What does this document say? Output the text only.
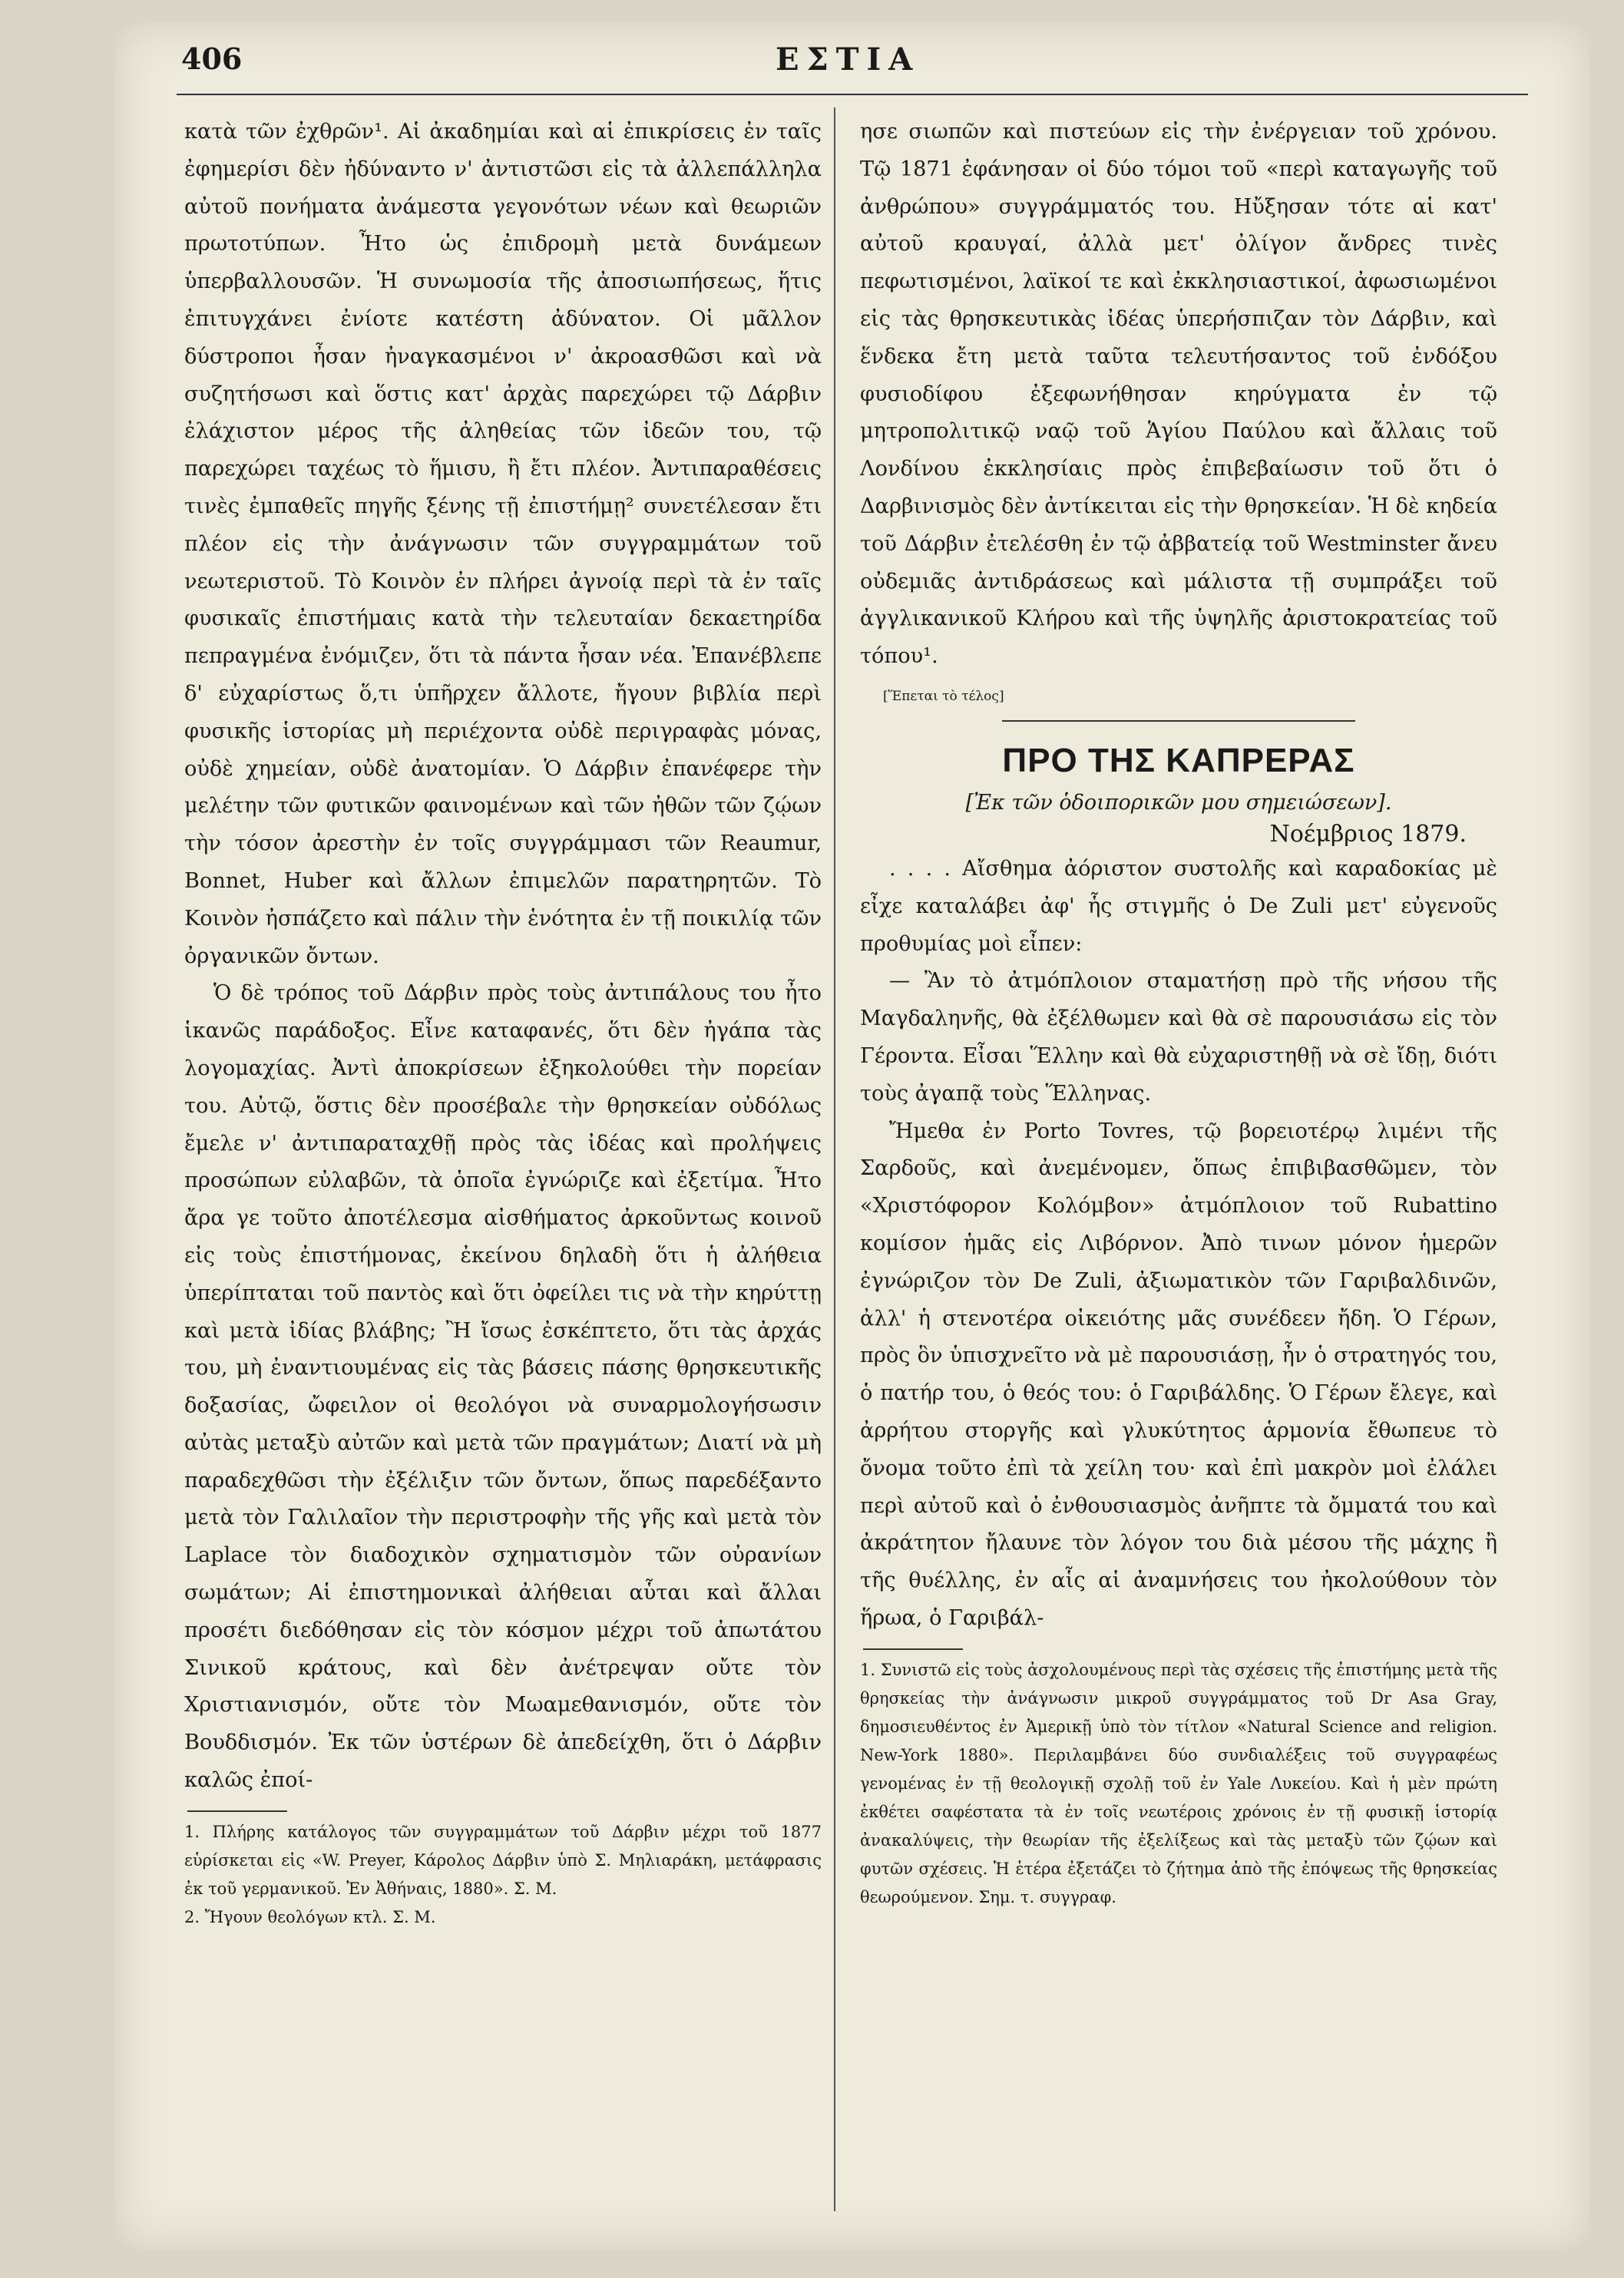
406	ΕΣΤΙΑ

κατὰ τῶν ἐχθρῶν¹. Αἱ ἀκαδημίαι καὶ αἱ ἐπικρίσεις ἐν ταῖς ἐφημερίσι δὲν ἠδύναντο ν' ἀντιστῶσι εἰς τὰ ἀλλεπάλληλα αὐτοῦ πονήματα ἀνάμεστα γεγονότων νέων καὶ θεωριῶν πρωτοτύπων. Ἦτο ὡς ἐπιδρομὴ μετὰ δυνάμεων ὑπερβαλλουσῶν. Ἡ συνωμοσία τῆς ἀποσιωπήσεως, ἥτις ἐπιτυγχάνει ἐνίοτε κατέστη ἀδύνατον. Οἱ μᾶλλον δύστροποι ἦσαν ἠναγκασμένοι ν' ἀκροασθῶσι καὶ νὰ συζητήσωσι καὶ ὅστις κατ' ἀρχὰς παρεχώρει τῷ Δάρβιν ἐλάχιστον μέρος τῆς ἀληθείας τῶν ἰδεῶν του, τῷ παρεχώρει ταχέως τὸ ἥμισυ, ἢ ἔτι πλέον. Ἀντιπαραθέσεις τινὲς ἐμπαθεῖς πηγῆς ξένης τῇ ἐπιστήμῃ² συνετέλεσαν ἔτι πλέον εἰς τὴν ἀνάγνωσιν τῶν συγγραμμάτων τοῦ νεωτεριστοῦ. Τὸ Κοινὸν ἐν πλήρει ἀγνοίᾳ περὶ τὰ ἐν ταῖς φυσικαῖς ἐπιστήμαις κατὰ τὴν τελευταίαν δεκαετηρίδα πεπραγμένα ἐνόμιζεν, ὅτι τὰ πάντα ἦσαν νέα. Ἐπανέβλεπε δ' εὐχαρίστως ὅ,τι ὑπῆρχεν ἄλλοτε, ἤγουν βιβλία περὶ φυσικῆς ἱστορίας μὴ περιέχοντα οὐδὲ περιγραφὰς μόνας, οὐδὲ χημείαν, οὐδὲ ἀνατομίαν. Ὁ Δάρβιν ἐπανέφερε τὴν μελέτην τῶν φυτικῶν φαινομένων καὶ τῶν ἠθῶν τῶν ζῴων τὴν τόσον ἀρεστὴν ἐν τοῖς συγγράμμασι τῶν Reaumur, Bonnet, Huber καὶ ἄλλων ἐπιμελῶν παρατηρητῶν. Τὸ Κοινὸν ἠσπάζετο καὶ πάλιν τὴν ἑνότητα ἐν τῇ ποικιλίᾳ τῶν ὀργανικῶν ὄντων.

Ὁ δὲ τρόπος τοῦ Δάρβιν πρὸς τοὺς ἀντιπάλους του ἦτο ἱκανῶς παράδοξος. Εἶνε καταφανές, ὅτι δὲν ἠγάπα τὰς λογομαχίας. Ἀντὶ ἀποκρίσεων ἐξηκολούθει τὴν πορείαν του. Αὐτῷ, ὅστις δὲν προσέβαλε τὴν θρησκείαν οὐδόλως ἔμελε ν' ἀντιπαραταχθῇ πρὸς τὰς ἰδέας καὶ προλήψεις προσώπων εὐλαβῶν, τὰ ὁποῖα ἐγνώριζε καὶ ἐξετίμα. Ἦτο ἄρα γε τοῦτο ἀποτέλεσμα αἰσθήματος ἀρκοῦντως κοινοῦ εἰς τοὺς ἐπιστήμονας, ἐκείνου δηλαδὴ ὅτι ἡ ἀλήθεια ὑπερίπταται τοῦ παντὸς καὶ ὅτι ὀφείλει τις νὰ τὴν κηρύττῃ καὶ μετὰ ἰδίας βλάβης; Ἢ ἴσως ἐσκέπτετο, ὅτι τὰς ἀρχάς του, μὴ ἐναντιουμένας εἰς τὰς βάσεις πάσης θρησκευτικῆς δοξασίας, ὤφειλον οἱ θεολόγοι νὰ συναρμολογήσωσιν αὐτὰς μεταξὺ αὐτῶν καὶ μετὰ τῶν πραγμάτων; Διατί νὰ μὴ παραδεχθῶσι τὴν ἐξέλιξιν τῶν ὄντων, ὅπως παρεδέξαντο μετὰ τὸν Γαλιλαῖον τὴν περιστροφὴν τῆς γῆς καὶ μετὰ τὸν Laplace τὸν διαδοχικὸν σχηματισμὸν τῶν οὐρανίων σωμάτων; Αἱ ἐπιστημονικαὶ ἀλήθειαι αὗται καὶ ἄλλαι προσέτι διεδόθησαν εἰς τὸν κόσμον μέχρι τοῦ ἀπωτάτου Σινικοῦ κράτους, καὶ δὲν ἀνέτρεψαν οὔτε τὸν Χριστιανισμόν, οὔτε τὸν Μωαμεθανισμόν, οὔτε τὸν Βουδδισμόν. Ἐκ τῶν ὑστέρων δὲ ἀπεδείχθη, ὅτι ὁ Δάρβιν καλῶς ἐποί-

1. Πλήρης κατάλογος τῶν συγγραμμάτων τοῦ Δάρβιν μέχρι τοῦ 1877 εὑρίσκεται εἰς «W. Preyer, Κάρολος Δάρβιν ὑπὸ Σ. Μηλιαράκη, μετάφρασις ἐκ τοῦ γερμανικοῦ. Ἐν Ἀθήναις, 1880». Σ. Μ.

2. Ἤγουν θεολόγων κτλ. Σ. Μ.

ησε σιωπῶν καὶ πιστεύων εἰς τὴν ἐνέργειαν τοῦ χρόνου. Τῷ 1871 ἐφάνησαν οἱ δύο τόμοι τοῦ «περὶ καταγωγῆς τοῦ ἀνθρώπου» συγγράμματός του. Ηὔξησαν τότε αἱ κατ' αὐτοῦ κραυγαί, ἀλλὰ μετ' ὀλίγον ἄνδρες τινὲς πεφωτισμένοι, λαϊκοί τε καὶ ἐκκλησιαστικοί, ἀφωσιωμένοι εἰς τὰς θρησκευτικὰς ἰδέας ὑπερήσπιζαν τὸν Δάρβιν, καὶ ἕνδεκα ἔτη μετὰ ταῦτα τελευτήσαντος τοῦ ἐνδόξου φυσιοδίφου ἐξεφωνήθησαν κηρύγματα ἐν τῷ μητροπολιτικῷ ναῷ τοῦ Ἁγίου Παύλου καὶ ἄλλαις τοῦ Λονδίνου ἐκκλησίαις πρὸς ἐπιβεβαίωσιν τοῦ ὅτι ὁ Δαρβινισμὸς δὲν ἀντίκειται εἰς τὴν θρησκείαν. Ἡ δὲ κηδεία τοῦ Δάρβιν ἐτελέσθη ἐν τῷ ἀββατείᾳ τοῦ Westminster ἄνευ οὐδεμιᾶς ἀντιδράσεως καὶ μάλιστα τῇ συμπράξει τοῦ ἀγγλικανικοῦ Κλήρου καὶ τῆς ὑψηλῆς ἀριστοκρατείας τοῦ τόπου¹.

[Ἕπεται τὸ τέλος]
ΠΡΟ ΤΗΣ ΚΑΠΡΕΡΑΣ
[Ἐκ τῶν ὁδοιπορικῶν μου σημειώσεων].
Νοέμβριος 1879.

. . . . Αἴσθημα ἀόριστον συστολῆς καὶ καραδοκίας μὲ εἶχε καταλάβει ἀφ' ἧς στιγμῆς ὁ De Zuli μετ' εὐγενοῦς προθυμίας μοὶ εἶπεν:

— Ἂν τὸ ἀτμόπλοιον σταματήσῃ πρὸ τῆς νήσου τῆς Μαγδαληνῆς, θὰ ἐξέλθωμεν καὶ θὰ σὲ παρουσιάσω εἰς τὸν Γέροντα. Εἶσαι Ἕλλην καὶ θὰ εὐχαριστηθῇ νὰ σὲ ἴδῃ, διότι τοὺς ἀγαπᾷ τοὺς Ἕλληνας.

Ἤμεθα ἐν Porto Tovres, τῷ βορειοτέρῳ λιμένι τῆς Σαρδοῦς, καὶ ἀνεμένομεν, ὅπως ἐπιβιβασθῶμεν, τὸν «Χριστόφορον Κολόμβον» ἀτμόπλοιον τοῦ Rubattino κομίσον ἡμᾶς εἰς Λιβόρνον. Ἀπὸ τινων μόνον ἡμερῶν ἐγνώριζον τὸν De Zuli, ἀξιωματικὸν τῶν Γαριβαλδινῶν, ἀλλ' ἡ στενοτέρα οἰκειότης μᾶς συνέδεεν ἤδη. Ὁ Γέρων, πρὸς ὃν ὑπισχνεῖτο νὰ μὲ παρουσιάσῃ, ἦν ὁ στρατηγός του, ὁ πατήρ του, ὁ θεός του: ὁ Γαριβάλδης. Ὁ Γέρων ἔλεγε, καὶ ἀρρήτου στοργῆς καὶ γλυκύτητος ἁρμονία ἔθωπευε τὸ ὄνομα τοῦτο ἐπὶ τὰ χείλη του· καὶ ἐπὶ μακρὸν μοὶ ἐλάλει περὶ αὐτοῦ καὶ ὁ ἐνθουσιασμὸς ἀνῆπτε τὰ ὄμματά του καὶ ἀκράτητον ἤλαυνε τὸν λόγον του διὰ μέσου τῆς μάχης ἢ τῆς θυέλλης, ἐν αἷς αἱ ἀναμνήσεις του ἠκολούθουν τὸν ἥρωα, ὁ Γαριβάλ-

1. Συνιστῶ εἰς τοὺς ἀσχολουμένους περὶ τὰς σχέσεις τῆς ἐπιστήμης μετὰ τῆς θρησκείας τὴν ἀνάγνωσιν μικροῦ συγγράμματος τοῦ Dr Asa Gray, δημοσιευθέντος ἐν Ἀμερικῇ ὑπὸ τὸν τίτλον «Natural Science and religion. New-York 1880». Περιλαμβάνει δύο συνδιαλέξεις τοῦ συγγραφέως γενομένας ἐν τῇ θεολογικῇ σχολῇ τοῦ ἐν Yale Λυκείου. Καὶ ἡ μὲν πρώτη ἐκθέτει σαφέστατα τὰ ἐν τοῖς νεωτέροις χρόνοις ἐν τῇ φυσικῇ ἱστορίᾳ ἀνακαλύψεις, τὴν θεωρίαν τῆς ἐξελίξεως καὶ τὰς μεταξὺ τῶν ζῴων καὶ φυτῶν σχέσεις. Ἡ ἑτέρα ἐξετάζει τὸ ζήτημα ἀπὸ τῆς ἐπόψεως τῆς θρησκείας θεωρούμενον. Σημ. τ. συγγραφ.
